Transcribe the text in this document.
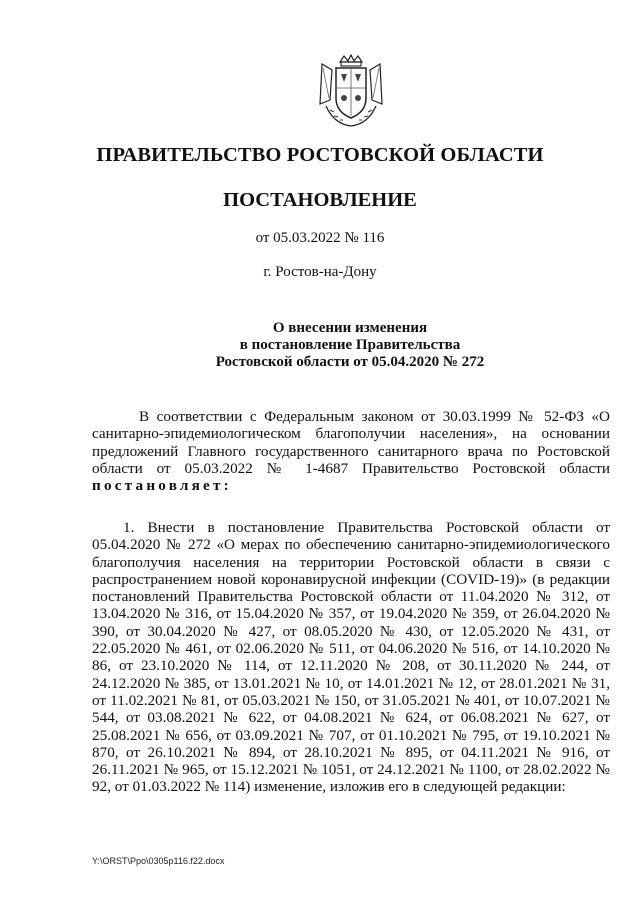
ПРАВИТЕЛЬСТВО РОСТОВСКОЙ ОБЛАСТИ
ПОСТАНОВЛЕНИЕ
от 05.03.2022 № 116
г. Ростов-на-Дону
О внесении изменения
в постановление Правительства
Ростовской области от 05.04.2020 № 272
В соответствии с Федеральным законом от 30.03.1999 № 52-ФЗ «О санитарно-эпидемиологическом благополучии населения», на основании предложений Главного государственного санитарного врача по Ростовской области от 05.03.2022 № 1-4687 Правительство Ростовской области постановляет:
1. Внести в постановление Правительства Ростовской области от 05.04.2020 № 272 «О мерах по обеспечению санитарно-эпидемиологического благополучия населения на территории Ростовской области в связи с распространением новой коронавирусной инфекции (COVID-19)» (в редакции постановлений Правительства Ростовской области от 11.04.2020 № 312, от 13.04.2020 № 316, от 15.04.2020 № 357, от 19.04.2020 № 359, от 26.04.2020 № 390, от 30.04.2020 № 427, от 08.05.2020 № 430, от 12.05.2020 № 431, от 22.05.2020 № 461, от 02.06.2020 № 511, от 04.06.2020 № 516, от 14.10.2020 № 86, от 23.10.2020 № 114, от 12.11.2020 № 208, от 30.11.2020 № 244, от 24.12.2020 № 385, от 13.01.2021 № 10, от 14.01.2021 № 12, от 28.01.2021 № 31, от 11.02.2021 № 81, от 05.03.2021 № 150, от 31.05.2021 № 401, от 10.07.2021 № 544, от 03.08.2021 № 622, от 04.08.2021 № 624, от 06.08.2021 № 627, от 25.08.2021 № 656, от 03.09.2021 № 707, от 01.10.2021 № 795, от 19.10.2021 № 870, от 26.10.2021 № 894, от 28.10.2021 № 895, от 04.11.2021 № 916, от 26.11.2021 № 965, от 15.12.2021 № 1051, от 24.12.2021 № 1100, от 28.02.2022 № 92, от 01.03.2022 № 114) изменение, изложив его в следующей редакции:
Y:\ORST\Ppo\0305p116.f22.docx
